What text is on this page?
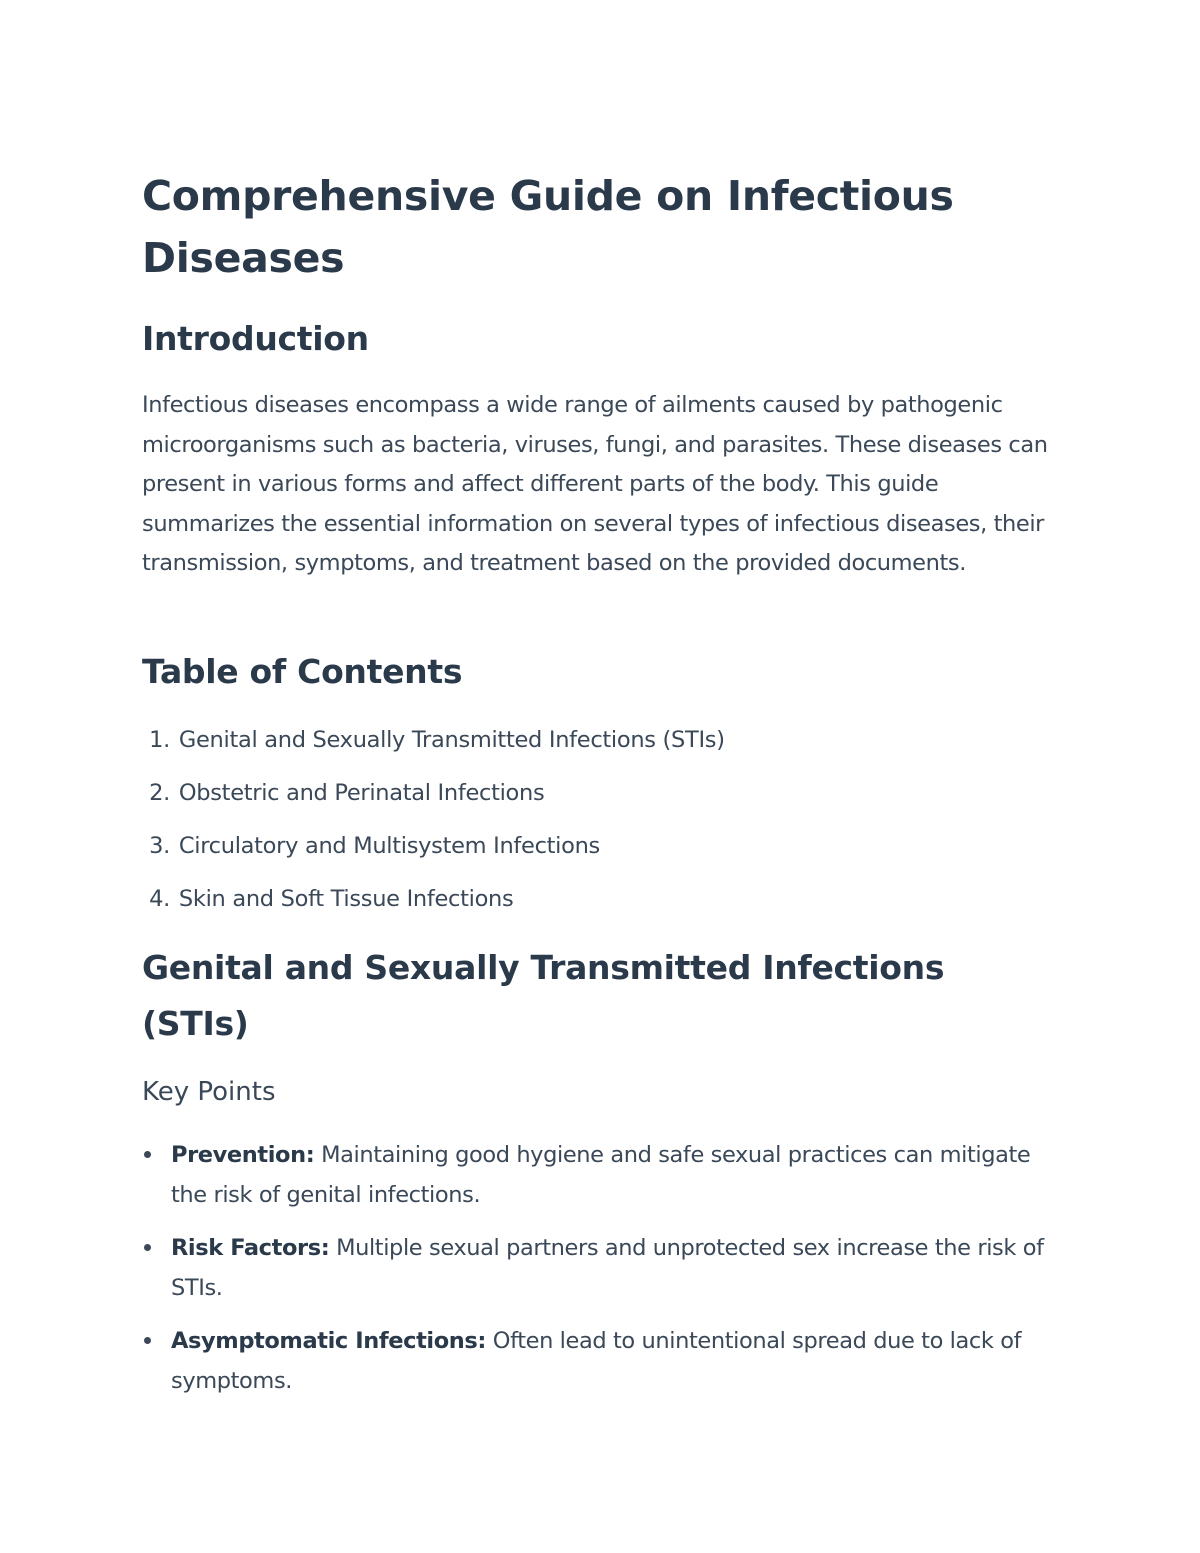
Comprehensive Guide on Infectious Diseases
Introduction

Infectious diseases encompass a wide range of ailments caused by pathogenic microorganisms such as bacteria, viruses, fungi, and parasites. These diseases can present in various forms and affect different parts of the body. This guide summarizes the essential information on several types of infectious diseases, their transmission, symptoms, and treatment based on the provided documents.

Table of Contents
1. Genital and Sexually Transmitted Infections (STIs)
2. Obstetric and Perinatal Infections
3. Circulatory and Multisystem Infections
4. Skin and Soft Tissue Infections
Genital and Sexually Transmitted Infections (STIs)
Key Points
Prevention: Maintaining good hygiene and safe sexual practices can mitigate the risk of genital infections.
Risk Factors: Multiple sexual partners and unprotected sex increase the risk of STIs.
Asymptomatic Infections: Often lead to unintentional spread due to lack of symptoms.
